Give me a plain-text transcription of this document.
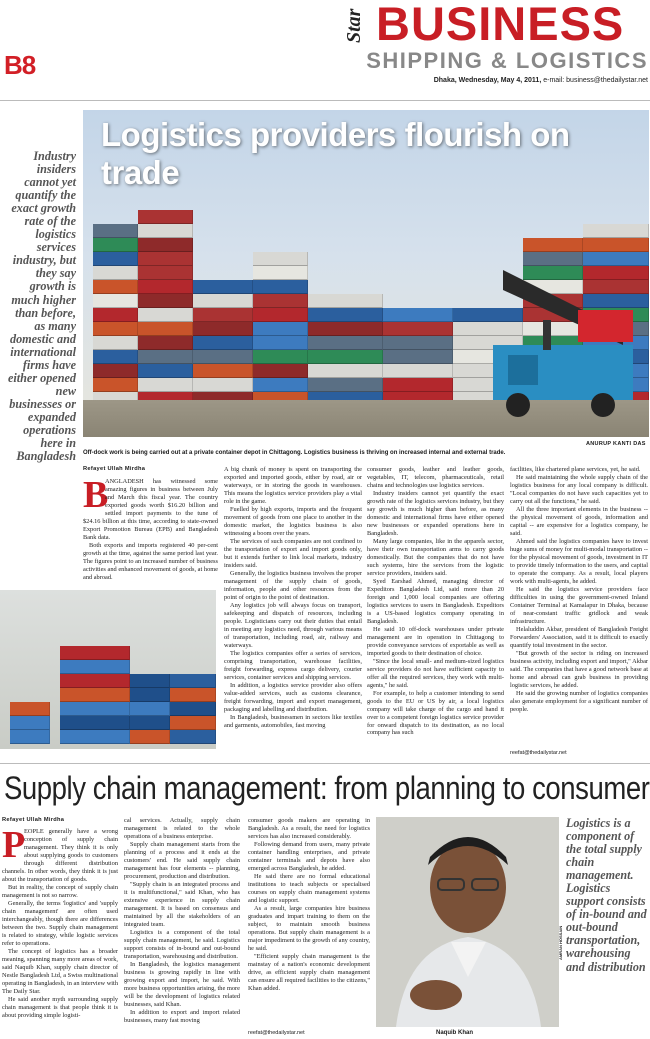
B8
Star BUSINESS
SHIPPING & LOGISTICS
Dhaka, Wednesday, May 4, 2011, e-mail: business@thedailystar.net
Industry insiders cannot yet quantify the exact growth rate of the logistics services industry, but they say growth is much higher than before, as many domestic and international firms have either opened new businesses or expanded operations here in Bangladesh
Logistics providers flourish on trade
ANURUP KANTI DAS
Off-dock work is being carried out at a private container depot in Chittagong. Logistics business is thriving on increased internal and external trade.
Refayet Ullah Mirdha
B

ANGLADESH has witnessed some amazing figures in business between July and March this fiscal year. The country exported goods worth $16.20 billion and settled import payments to the tune of $24.16 billion at this time, according to state-owned Export Promotion Bureau (EPB) and Bangladesh Bank data.

Both exports and imports registered 40 per-cent growth at the time, against the same period last year. The figures point to an increased number of business activities and enhanced movement of goods, at home and abroad.

A big chunk of money is spent on transporting the exported and imported goods, either by road, air or waterways, or in storing the goods in warehouses. This means the logistics service providers play a vital role in the game.

Fuelled by high exports, imports and the frequent movement of goods from one place to another in the domestic market, the logistics business is also witnessing a boom over the years.

The services of such companies are not confined to the transportation of export and import goods only, but it extends further to link local markets, industry insiders said.

Generally, the logistics business involves the proper management of the supply chain of goods, information, people and other resources from the point of origin to the point of destination.

Any logistics job will always focus on transport, safekeeping and dispatch of resources, including people. Logisticians carry out their duties that entail in meeting any logistics need, through various means of transportation, including road, air, railway and waterways.

The logistics companies offer a series of services, comprising transportation, warehouse facilities, freight forwarding, express cargo delivery, courier services, container services and shipping services.

In addition, a logistics service provider also offers value-added services, such as customs clearance, freight forwarding, import and export management, packaging and labelling and distribution.

In Bangladesh, businessmen in sectors like textiles and garments, automobiles, fast moving

consumer goods, leather and leather goods, vegetables, IT, telecom, pharmaceuticals, retail chains and technologies use logistics services.

Industry insiders cannot yet quantify the exact growth rate of the logistics services industry, but they say growth is much higher than before, as many domestic and international firms have either opened new businesses or expanded operations here in Bangladesh.

Many large companies, like in the apparels sector, have their own transportation arms to carry goods domestically. But the companies that do not have such systems, hire the services from the logistic service providers, insiders said.

Syed Earshad Ahmed, managing director of Expeditors Bangladesh Ltd, said more than 20 foreign and 1,000 local companies are offering logistics services to users in Bangladesh. Expeditors is a US-based logistics company operating in Bangladesh.

He said 10 off-dock warehouses under private management are in operation in Chittagong to provide conveyance services of exportable as well as imported goods to their destination of choice.

"Since the local small- and medium-sized logistics service providers do not have sufficient capacity to offer all the required services, they work with multi-agents," he said.

For example, to help a customer intending to send goods to the EU or US by air, a local logistics company will take charge of the cargo and hand it over to a competent foreign logistics service provider for onward dispatch to its destination, as no local company has such

facilities, like chartered plane services, yet, he said.

He said maintaining the whole supply chain of the logistics business for any local company is difficult. "Local companies do not have such capacities yet to carry out all the functions," he said.

All the three important elements in the business -- the physical movement of goods, information and capital -- are expensive for a logistics company, he said.

Ahmed said the logistics companies have to invest huge sums of money for multi-modal transportation -- for the physical movement of goods, investment in IT to provide timely information to the users, and capital to operate the company. As a result, local players work with multi-agents, he added.

He said the logistics service providers face difficulties in using the government-owned Inland Container Terminal at Kamalapur in Dhaka, because of near-constant traffic gridlock and weak infrastructure.

Helaluddin Akbar, president of Bangladesh Freight Forwarders' Association, said it is difficult to exactly quantify total investment in the sector.

"But growth of the sector is riding on increased business activity, including export and import," Akbar said. The companies that have a good network base at home and abroad can grab business in providing logistic services, he added.

He said the growing number of logistics companies also generate employment for a significant number of people.

reefat@thedailystar.net
Supply chain management: from planning to consumer
Refayet Ullah Mirdha
P

EOPLE generally have a wrong conception of supply chain management. They think it is only about supplying goods to customers through different distribution channels. In other words, they think it is just about the transportation of goods.

But in reality, the concept of supply chain management is not so narrow.

Generally, the terms 'logistics' and 'supply chain management' are often used interchangeably, though there are differences between the two. Supply chain management is related to strategy, while logistic services refer to operations.

The concept of logistics has a broader meaning, spanning many more areas of work, said Naquib Khan, supply chain director of Nestle Bangladesh Ltd, a Swiss multinational operating in Bangladesh, in an interview with The Daily Star.

He said another myth surrounding supply chain management is that people think it is about providing simple logisti-

cal services. Actually, supply chain management is related to the whole operations of a business enterprise.

Supply chain management starts from the planning of a process and it ends at the customers' end. He said supply chain management has four elements -- planning, procurement, production and distribution.

"Supply chain is an integrated process and it is multifunctional," said Khan, who has extensive experience in supply chain management. It is based on consensus and maintained by all the stakeholders of an integrated team.

Logistics is a component of the total supply chain management, he said. Logistics support consists of in-bound and out-bound transportation, warehousing and distribution.

In Bangladesh, the logistics management business is growing rapidly in line with growing export and import, he said. With more business opportunities arising, the more will be the development of logistics related businesses, said Khan.

In addition to export and import related businesses, many fast moving

consumer goods makers are operating in Bangladesh. As a result, the need for logistics services has also increased considerably.

Following demand from users, many private container handling enterprises, and private container terminals and depots have also emerged across Bangladesh, he added.

He said there are no formal educational institutions to teach subjects or specialised courses on supply chain management systems and logistic support.

As a result, large companies hire business graduates and impart training to them on the subject, to maintain smooth business operations. But supply chain management is a major impediment to the growth of any country, he said.

"Efficient supply chain management is the mainstay of a nation's economic development drive, as efficient supply chain management can ensure all required facilities to the citizens," Khan added.

reefat@thedailystar.net
AMRAN HOSSAIN
Naquib Khan
Logistics is a component of the total supply chain management. Logistics support consists of in-bound and out-bound transportation, warehousing and distribution
